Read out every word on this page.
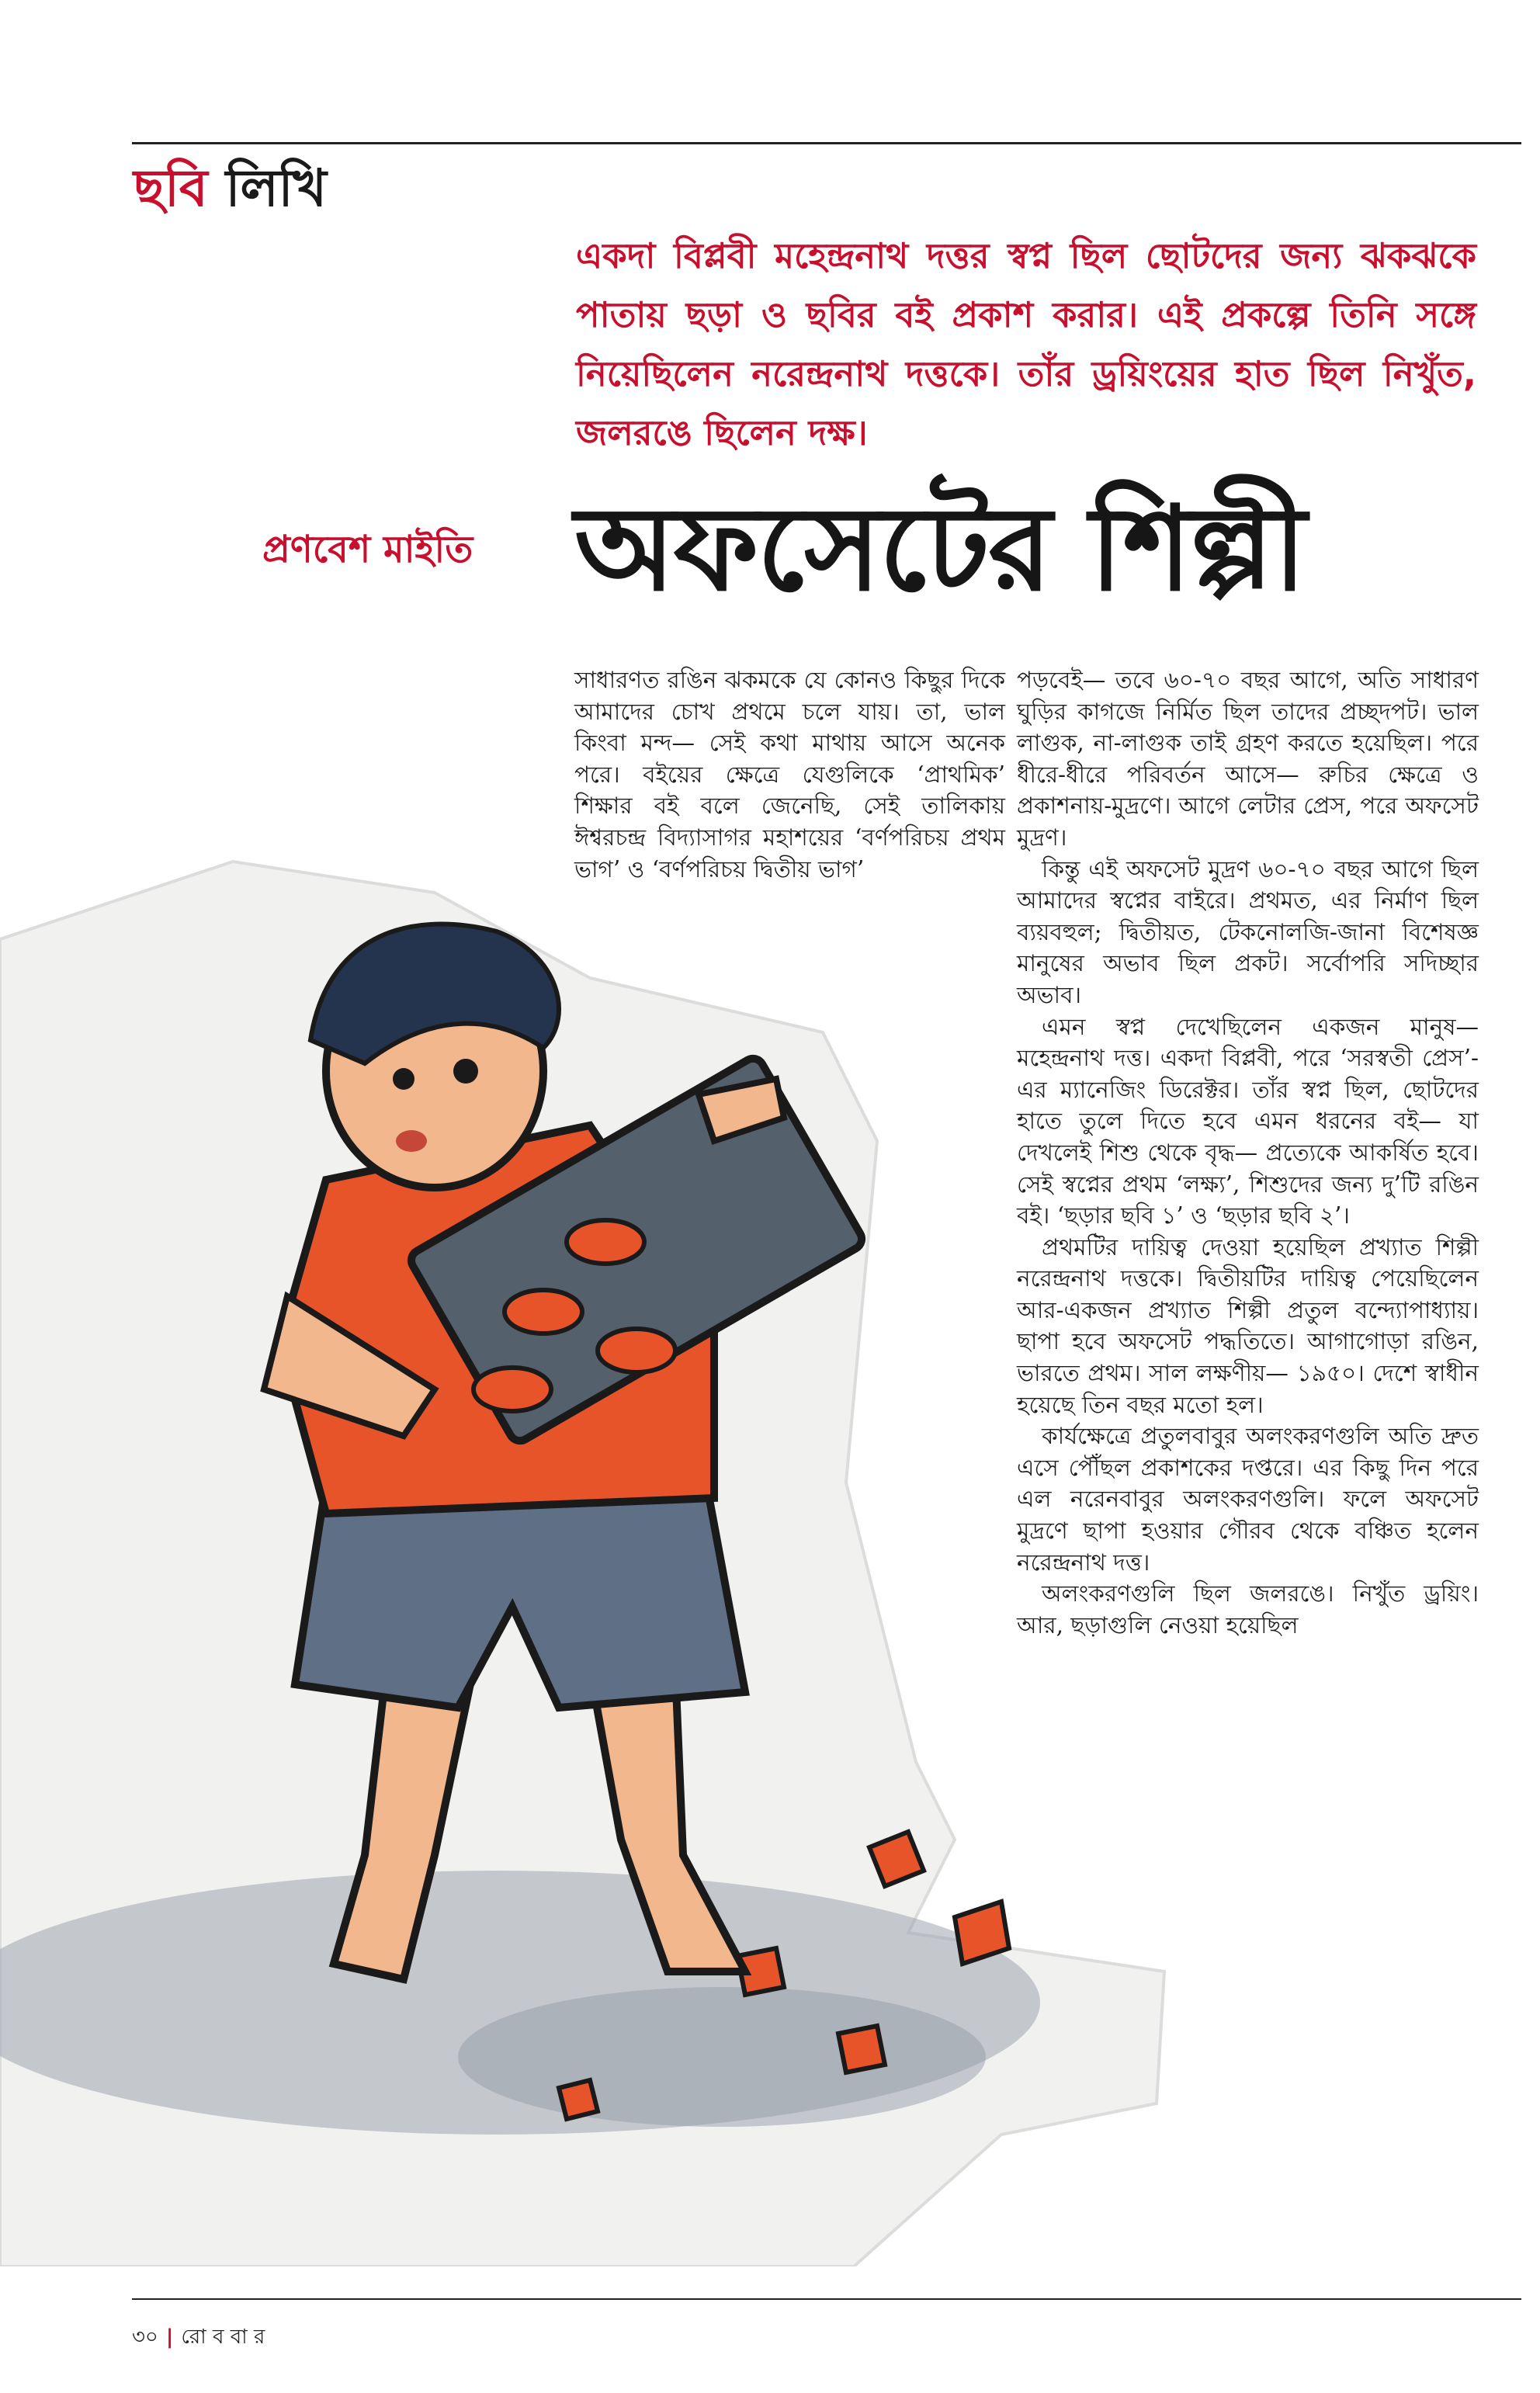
ছবি লিখি
একদা বিপ্লবী মহেন্দ্রনাথ দত্তর স্বপ্ন ছিল ছোটদের জন্য ঝকঝকে পাতায় ছড়া ও ছবির বই প্রকাশ করার। এই প্রকল্পে তিনি সঙ্গে নিয়েছিলেন নরেন্দ্রনাথ দত্তকে। তাঁর ড্রয়িংয়ের হাত ছিল নিখুঁত, জলরঙে ছিলেন দক্ষ।
প্রণবেশ মাইতি অফসেটের শিল্পী

সাধারণত রঙিন ঝকমকে যে কোনও কিছুর দিকে আমাদের চোখ প্রথমে চলে যায়। তা, ভাল কিংবা মন্দ— সেই কথা মাথায় আসে অনেক পরে। বইয়ের ক্ষেত্রে যেগুলিকে ‘প্রাথমিক’ শিক্ষার বই বলে জেনেছি, সেই তালিকায় ঈশ্বরচন্দ্র বিদ্যাসাগর মহাশয়ের ‘বর্ণপরিচয় প্রথম ভাগ’ ও ‘বর্ণপরিচয় দ্বিতীয় ভাগ’

পড়বেই— তবে ৬০-৭০ বছর আগে, অতি সাধারণ ঘুড়ির কাগজে নির্মিত ছিল তাদের প্রচ্ছদপট। ভাল লাগুক, না-লাগুক তাই গ্রহণ করতে হয়েছিল। পরে ধীরে-ধীরে পরিবর্তন আসে— রুচির ক্ষেত্রে ও প্রকাশনায়-মুদ্রণে। আগে লেটার প্রেস, পরে অফসেট মুদ্রণ।

কিন্তু এই অফসেট মুদ্রণ ৬০-৭০ বছর আগে ছিল আমাদের স্বপ্নের বাইরে। প্রথমত, এর নির্মাণ ছিল ব্যয়বহুল; দ্বিতীয়ত, টেকনোলজি-জানা বিশেষজ্ঞ মানুষের অভাব ছিল প্রকট। সর্বোপরি সদিচ্ছার অভাব।

এমন স্বপ্ন দেখেছিলেন একজন মানুষ— মহেন্দ্রনাথ দত্ত। একদা বিপ্লবী, পরে ‘সরস্বতী প্রেস’-এর ম্যানেজিং ডিরেক্টর। তাঁর স্বপ্ন ছিল, ছোটদের হাতে তুলে দিতে হবে এমন ধরনের বই— যা দেখলেই শিশু থেকে বৃদ্ধ— প্রত্যেকে আকর্ষিত হবে। সেই স্বপ্নের প্রথম ‘লক্ষ্য’, শিশুদের জন্য দু’টি রঙিন বই। ‘ছড়ার ছবি ১’ ও ‘ছড়ার ছবি ২’।

প্রথমটির দায়িত্ব দেওয়া হয়েছিল প্রখ্যাত শিল্পী নরেন্দ্রনাথ দত্তকে। দ্বিতীয়টির দায়িত্ব পেয়েছিলেন আর-একজন প্রখ্যাত শিল্পী প্রতুল বন্দ্যোপাধ্যায়। ছাপা হবে অফসেট পদ্ধতিতে। আগাগোড়া রঙিন, ভারতে প্রথম। সাল লক্ষণীয়— ১৯৫০। দেশে স্বাধীন হয়েছে তিন বছর মতো হল।

কার্যক্ষেত্রে প্রতুলবাবুর অলংকরণগুলি অতি দ্রুত এসে পৌঁছল প্রকাশকের দপ্তরে। এর কিছু দিন পরে এল নরেনবাবুর অলংকরণগুলি। ফলে অফসেট মুদ্রণে ছাপা হওয়ার গৌরব থেকে বঞ্চিত হলেন নরেন্দ্রনাথ দত্ত।

অলংকরণগুলি ছিল জলরঙে। নিখুঁত ড্রয়িং। আর, ছড়াগুলি নেওয়া হয়েছিল

৩০ | রো ব বা র
